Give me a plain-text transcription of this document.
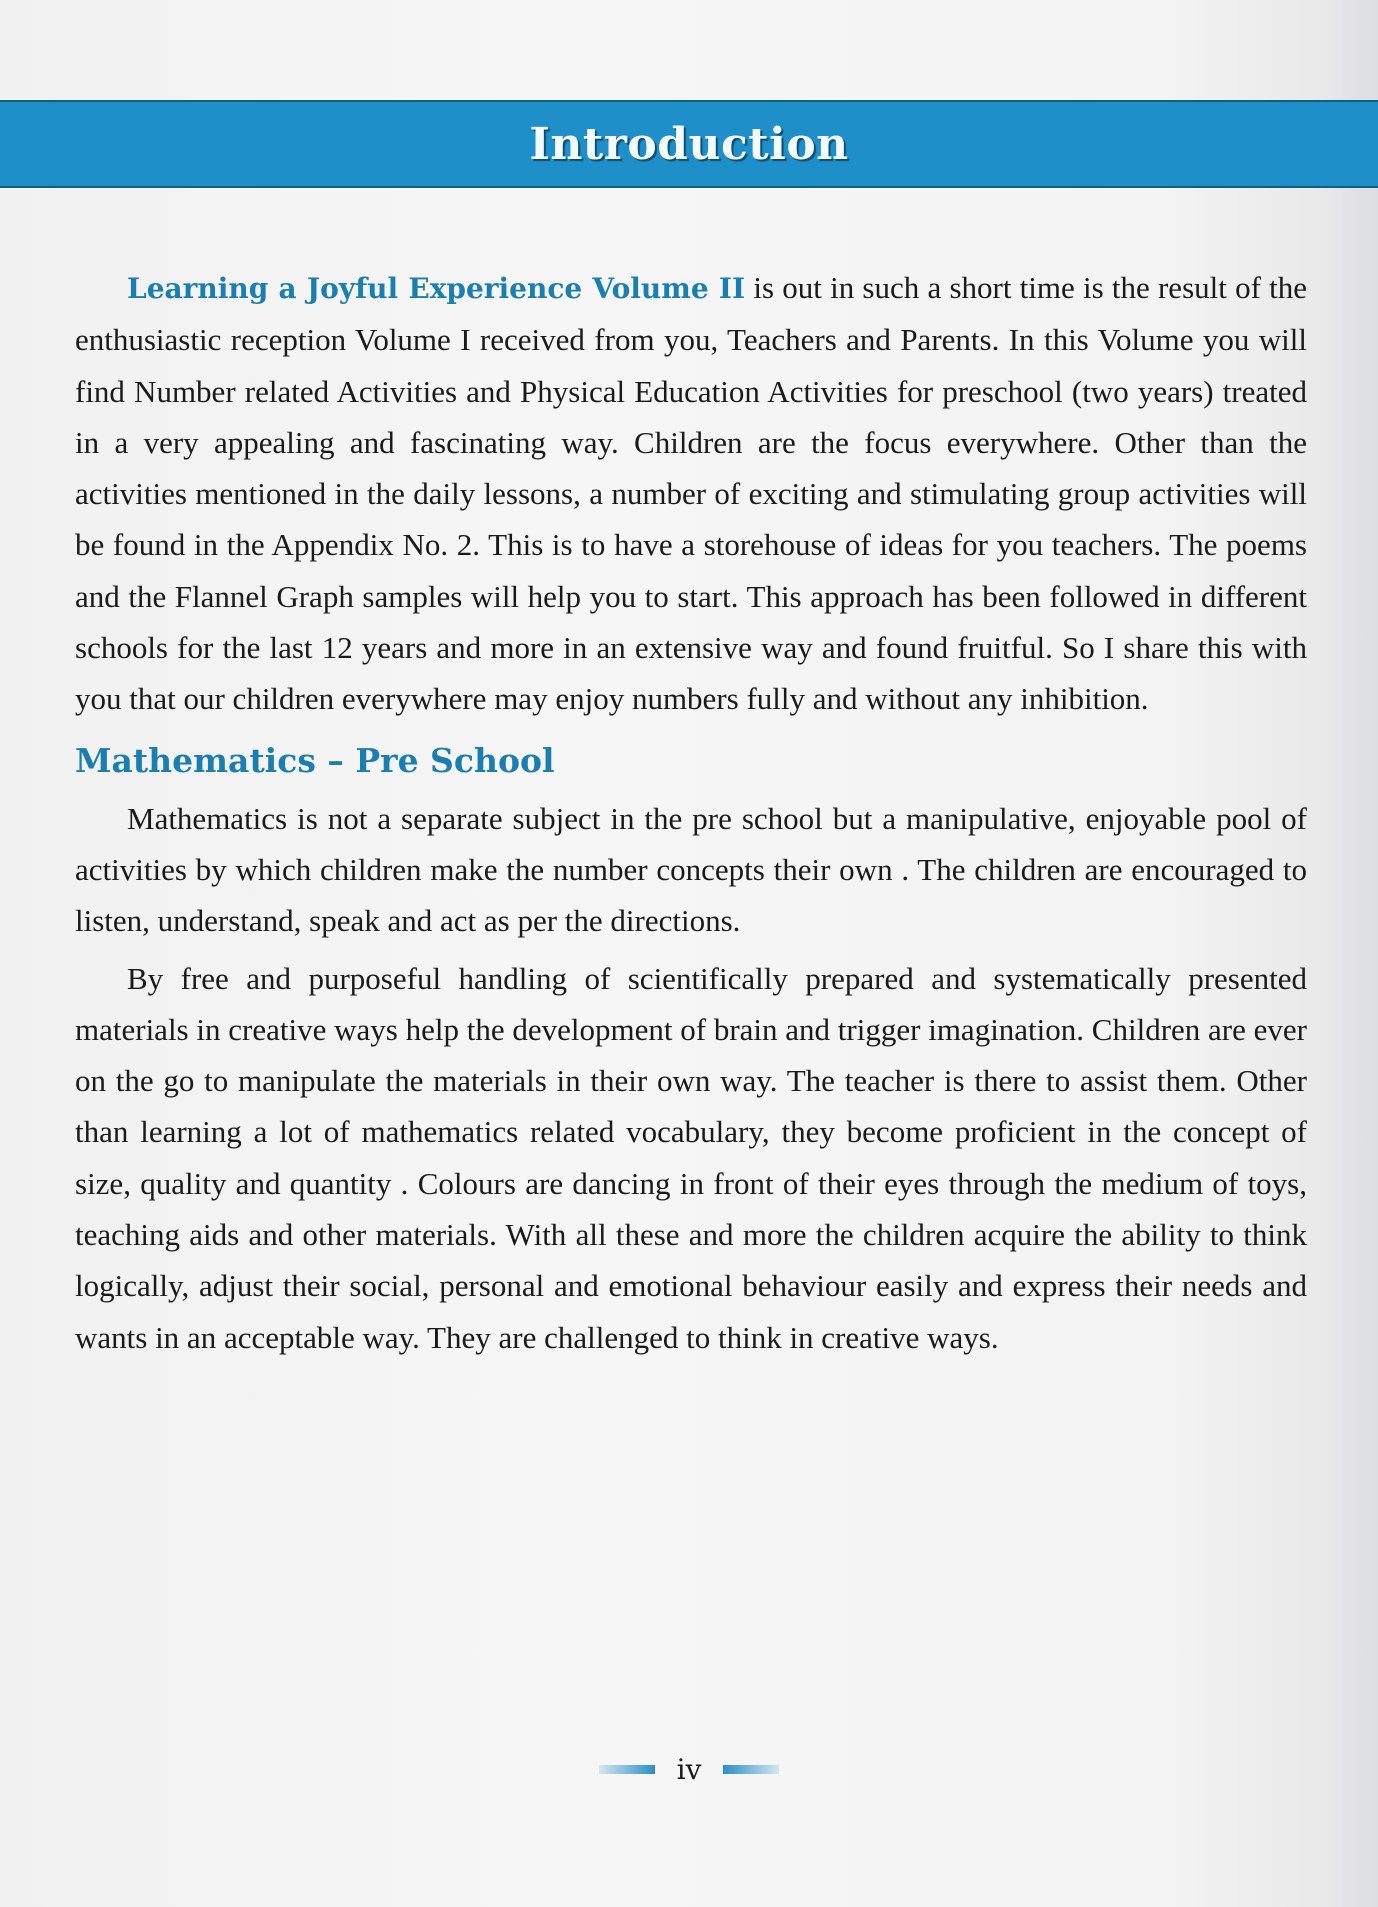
Introduction

Learning a Joyful Experience Volume II is out in such a short time is the result of the enthusiastic reception Volume I received from you, Teachers and Parents. In this Volume you will find Number related Activities and Physical Education Activities for preschool (two years) treated in a very appealing and fascinating way. Children are the focus everywhere. Other than the activities mentioned in the daily lessons, a number of exciting and stimulating group activities will be found in the Appendix No. 2. This is to have a storehouse of ideas for you teachers. The poems and the Flannel Graph samples will help you to start. This approach has been followed in different schools for the last 12 years and more in an extensive way and found fruitful. So I share this with you that our children everywhere may enjoy numbers fully and without any inhibition.

Mathematics – Pre School

Mathematics is not a separate subject in the pre school but a manipulative, enjoyable pool of activities by which children make the number concepts their own . The children are encouraged to listen, understand, speak and act as per the directions.

By free and purposeful handling of scientifically prepared and systematically presented materials in creative ways help the development of brain and trigger imagination. Children are ever on the go to manipulate the materials in their own way. The teacher is there to assist them. Other than learning a lot of mathematics related vocabulary, they become proficient in the concept of size, quality and quantity . Colours are dancing in front of their eyes through the medium of toys, teaching aids and other materials. With all these and more the children acquire the ability to think logically, adjust their social, personal and emotional behaviour easily and express their needs and wants in an acceptable way. They are challenged to think in creative ways.

iv
